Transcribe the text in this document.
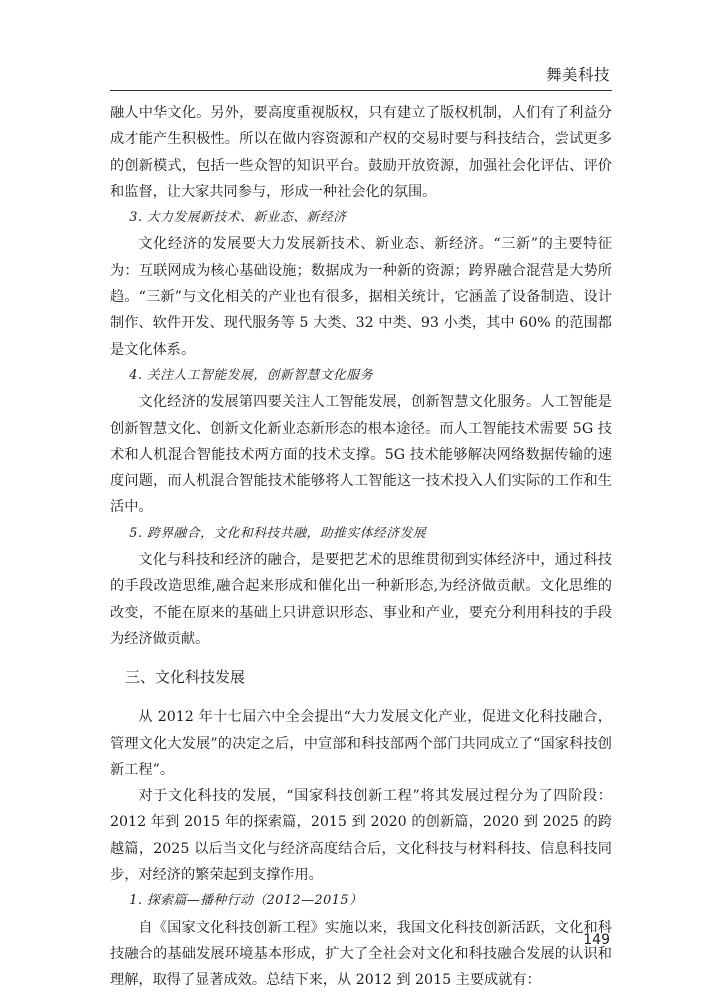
舞美科技

融人中华文化。另外，要高度重视版权，只有建立了版权机制，人们有了利益分成才能产生积极性。所以在做内容资源和产权的交易时要与科技结合，尝试更多的创新模式，包括一些众智的知识平台。鼓励开放资源，加强社会化评估、评价和监督，让大家共同参与，形成一种社会化的氛围。

3. 大力发展新技术、新业态、新经济

文化经济的发展要大力发展新技术、新业态、新经济。“三新”的主要特征为：互联网成为核心基础设施；数据成为一种新的资源；跨界融合混营是大势所趋。“三新”与文化相关的产业也有很多，据相关统计，它涵盖了设备制造、设计制作、软件开发、现代服务等 5 大类、32 中类、93 小类，其中 60% 的范围都是文化体系。

4. 关注人工智能发展，创新智慧文化服务

文化经济的发展第四要关注人工智能发展，创新智慧文化服务。人工智能是创新智慧文化、创新文化新业态新形态的根本途径。而人工智能技术需要 5G 技术和人机混合智能技术两方面的技术支撑。5G 技术能够解决网络数据传输的速度问题，而人机混合智能技术能够将人工智能这一技术投入人们实际的工作和生活中。

5. 跨界融合，文化和科技共融，助推实体经济发展

文化与科技和经济的融合，是要把艺术的思维贯彻到实体经济中，通过科技的手段改造思维,融合起来形成和催化出一种新形态,为经济做贡献。文化思维的改变，不能在原来的基础上只讲意识形态、事业和产业，要充分利用科技的手段为经济做贡献。

三、文化科技发展

从 2012 年十七届六中全会提出“大力发展文化产业，促进文化科技融合，管理文化大发展”的决定之后，中宣部和科技部两个部门共同成立了“国家科技创新工程”。

对于文化科技的发展，“国家科技创新工程”将其发展过程分为了四阶段：2012 年到 2015 年的探索篇，2015 到 2020 的创新篇，2020 到 2025 的跨越篇，2025 以后当文化与经济高度结合后，文化科技与材料科技、信息科技同步，对经济的繁荣起到支撑作用。

1. 探索篇—播种行动（2012—2015）

自《国家文化科技创新工程》实施以来，我国文化科技创新活跃，文化和科技融合的基础发展环境基本形成，扩大了全社会对文化和科技融合发展的认识和理解，取得了显著成效。总结下来，从 2012 到 2015 主要成就有：

149
